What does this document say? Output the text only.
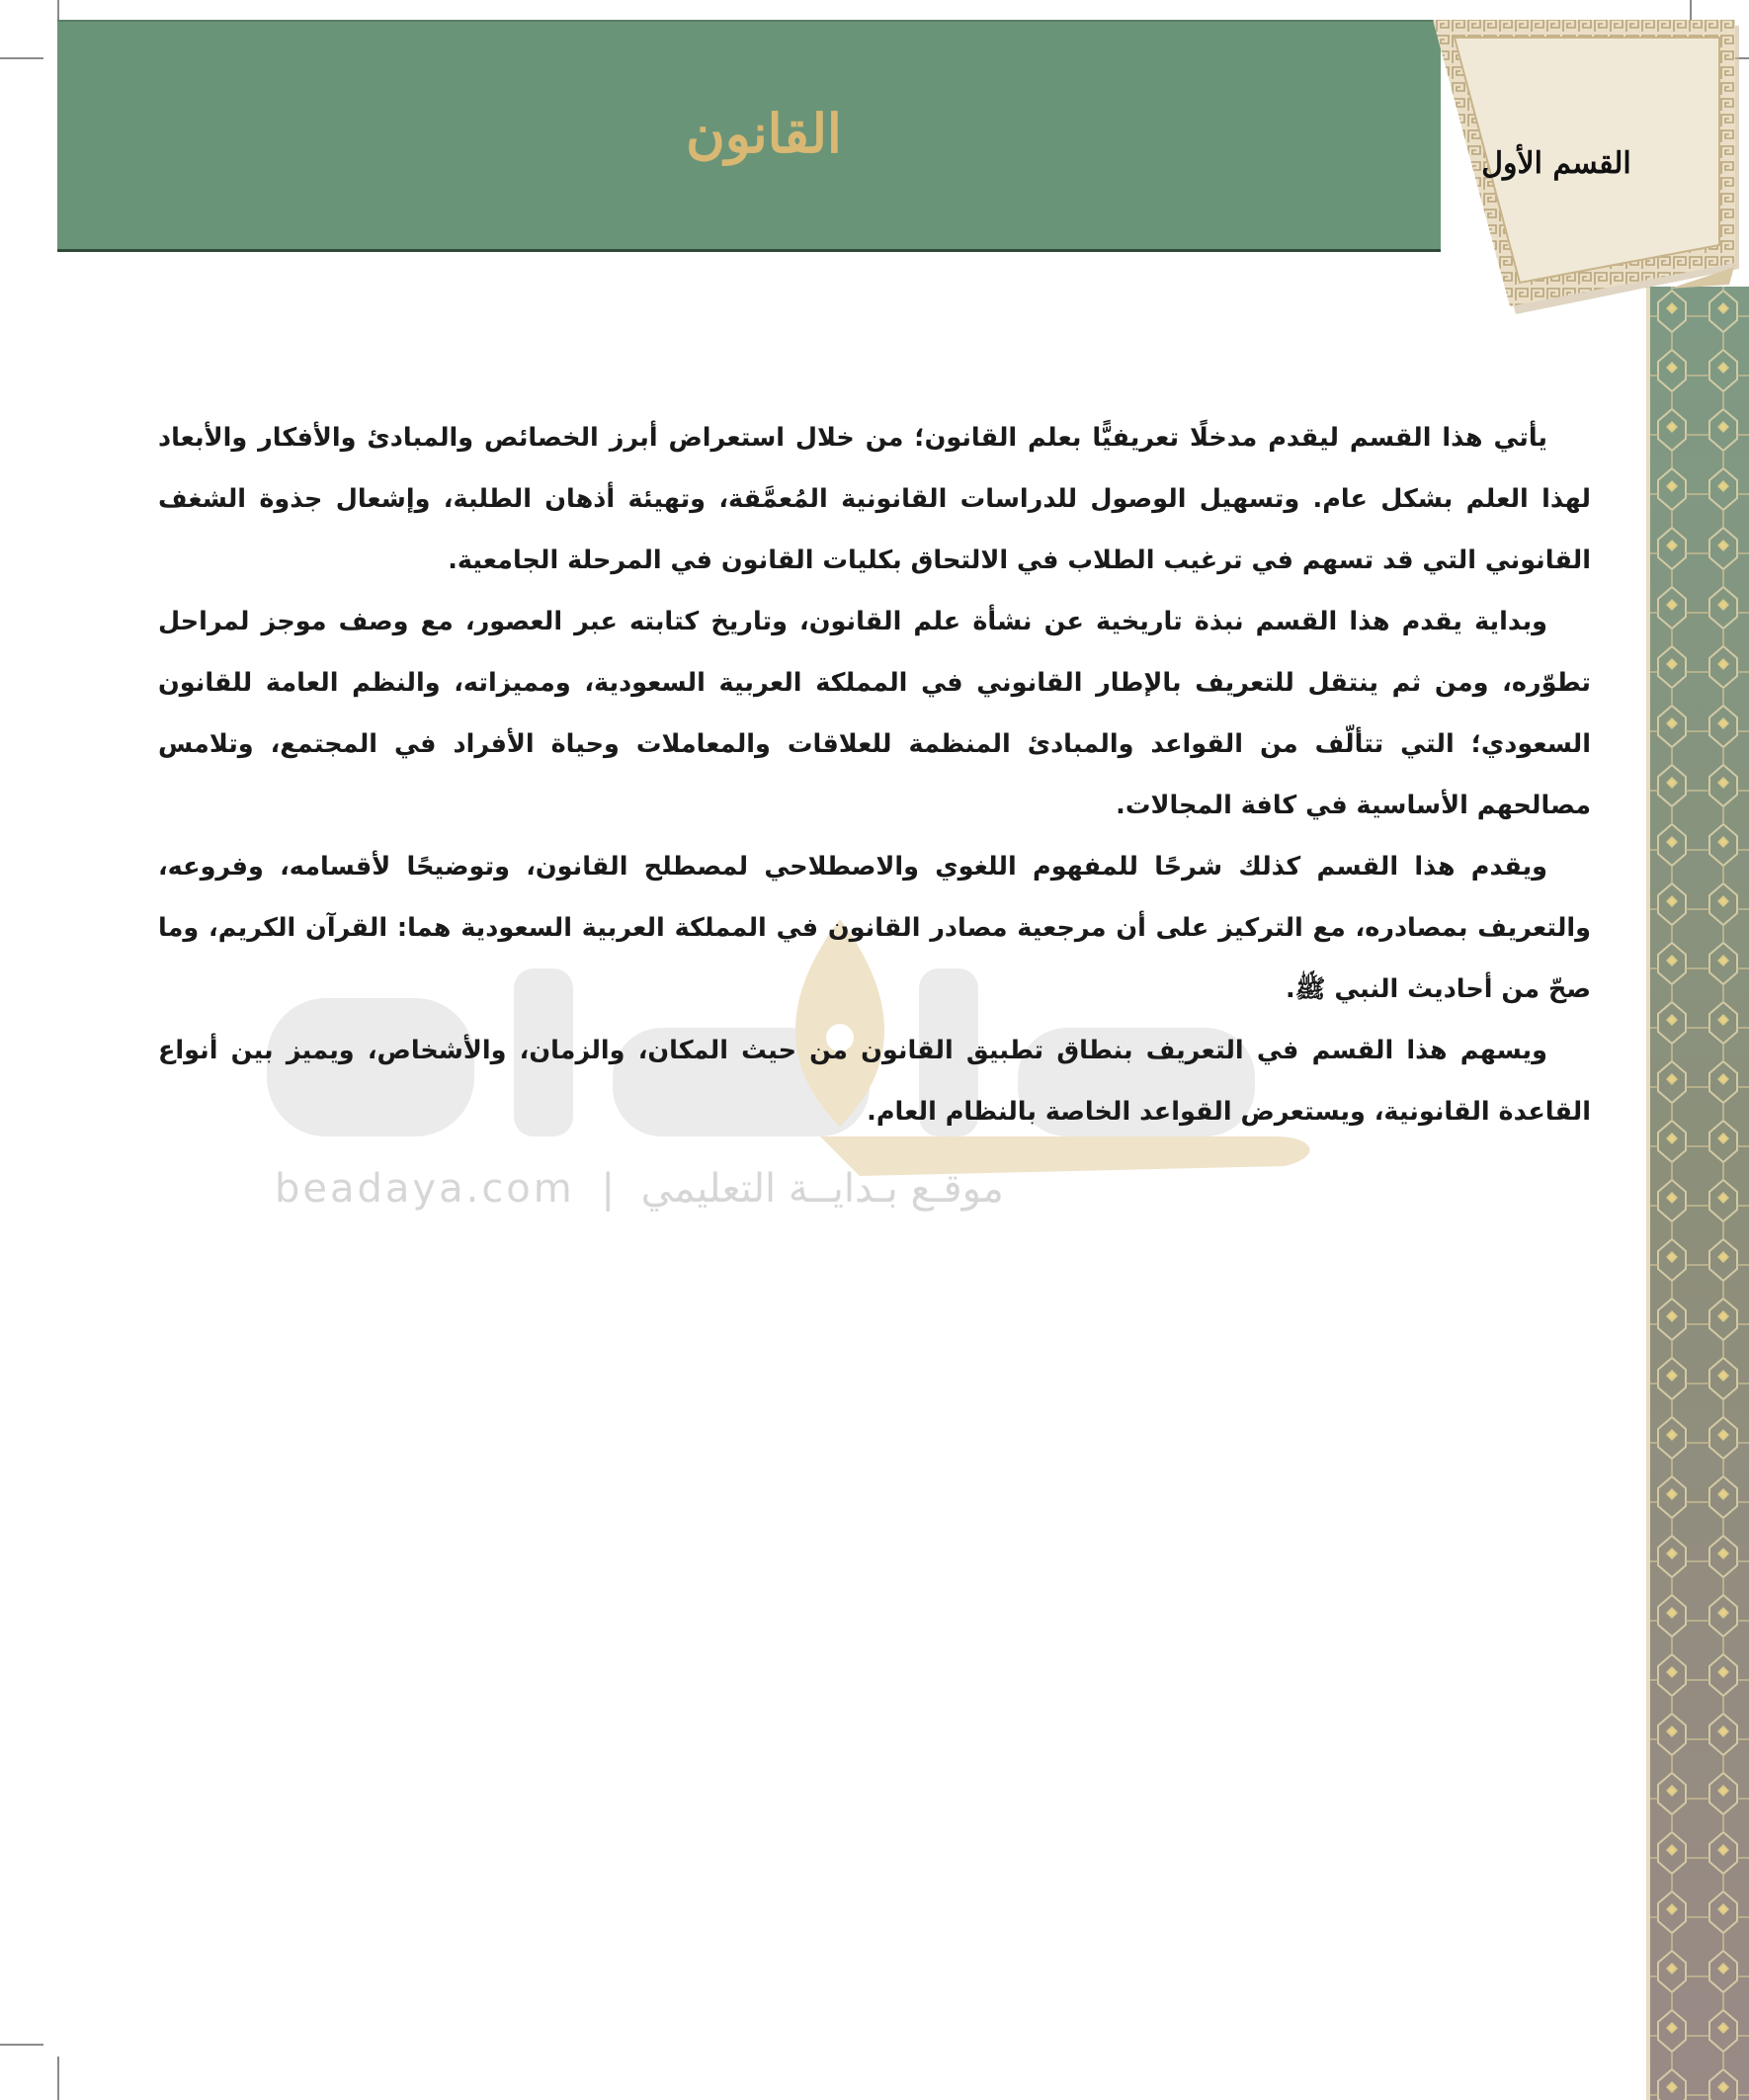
القانون	القسم الأول
موقـع بـدايــة التعليمي | beadaya.com

يأتي هذا القسم ليقدم مدخلًا تعريفيًّا بعلم القانون؛ من خلال استعراض أبرز الخصائص والمبادئ والأفكار والأبعاد لهذا العلم بشكل عام. وتسهيل الوصول للدراسات القانونية المُعمَّقة، وتهيئة أذهان الطلبة، وإشعال جذوة الشغف القانوني التي قد تسهم في ترغيب الطلاب في الالتحاق بكليات القانون في المرحلة الجامعية.

وبداية يقدم هذا القسم نبذة تاريخية عن نشأة علم القانون، وتاريخ كتابته عبر العصور، مع وصف موجز لمراحل تطوّره، ومن ثم ينتقل للتعريف بالإطار القانوني في المملكة العربية السعودية، ومميزاته، والنظم العامة للقانون السعودي؛ التي تتألّف من القواعد والمبادئ المنظمة للعلاقات والمعاملات وحياة الأفراد في المجتمع، وتلامس مصالحهم الأساسية في كافة المجالات.

ويقدم هذا القسم كذلك شرحًا للمفهوم اللغوي والاصطلاحي لمصطلح القانون، وتوضيحًا لأقسامه، وفروعه، والتعريف بمصادره، مع التركيز على أن مرجعية مصادر القانون في المملكة العربية السعودية هما: القرآن الكريم، وما صحّ من أحاديث النبي ﷺ.

ويسهم هذا القسم في التعريف بنطاق تطبيق القانون من حيث المكان، والزمان، والأشخاص، ويميز بين أنواع القاعدة القانونية، ويستعرض القواعد الخاصة بالنظام العام.
